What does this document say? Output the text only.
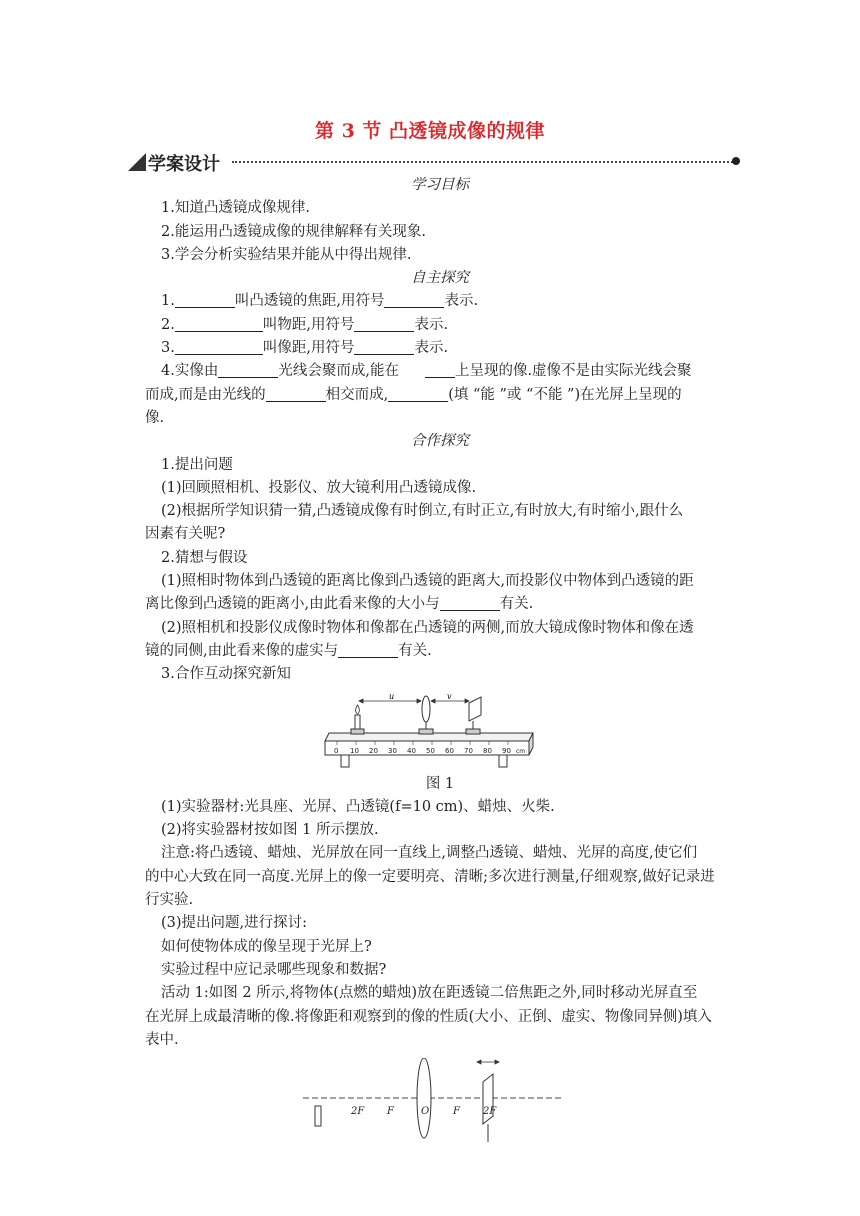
第 3 节 凸透镜成像的规律
学案设计

学习目标

1.知道凸透镜成像规律.

2.能运用凸透镜成像的规律解释有关现象.

3.学会分析实验结果并能从中得出规律.

自主探究

1.	叫凸透镜的焦距,用符号	表示.

2.	叫物距,用符号	表示.

3.	叫像距,用符号	表示.

4.实像由	光线会聚而成,能在	上呈现的像.虚像不是由实际光线会聚

而成,而是由光线的	相交而成,	(填 “能 ”或 “不能 ”)在光屏上呈现的

像.

合作探究

1.提出问题

(1)回顾照相机、投影仪、放大镜利用凸透镜成像.

(2)根据所学知识猜一猜,凸透镜成像有时倒立,有时正立,有时放大,有时缩小,跟什么

因素有关呢?

2.猜想与假设

(1)照相时物体到凸透镜的距离比像到凸透镜的距离大,而投影仪中物体到凸透镜的距

离比像到凸透镜的距离小,由此看来像的大小与	有关.

(2)照相机和投影仪成像时物体和像都在凸透镜的两侧,而放大镜成像时物体和像在透

镜的同侧,由此看来像的虚实与	有关.

3.合作互动探究新知

0 10 20 30 40 50 60 70 80 90 cm
u	v

图 1

(1)实验器材:光具座、光屏、凸透镜(f=10 cm)、蜡烛、火柴.

(2)将实验器材按如图 1 所示摆放.

注意:将凸透镜、蜡烛、光屏放在同一直线上,调整凸透镜、蜡烛、光屏的高度,使它们

的中心大致在同一高度.光屏上的像一定要明亮、清晰;多次进行测量,仔细观察,做好记录进

行实验.

(3)提出问题,进行探讨:

如何使物体成的像呈现于光屏上?

实验过程中应记录哪些现象和数据?

活动 1:如图 2 所示,将物体(点燃的蜡烛)放在距透镜二倍焦距之外,同时移动光屏直至

在光屏上成最清晰的像.将像距和观察到的像的性质(大小、正倒、虚实、物像同异侧)填入

表中.

2F F	O F 2F
